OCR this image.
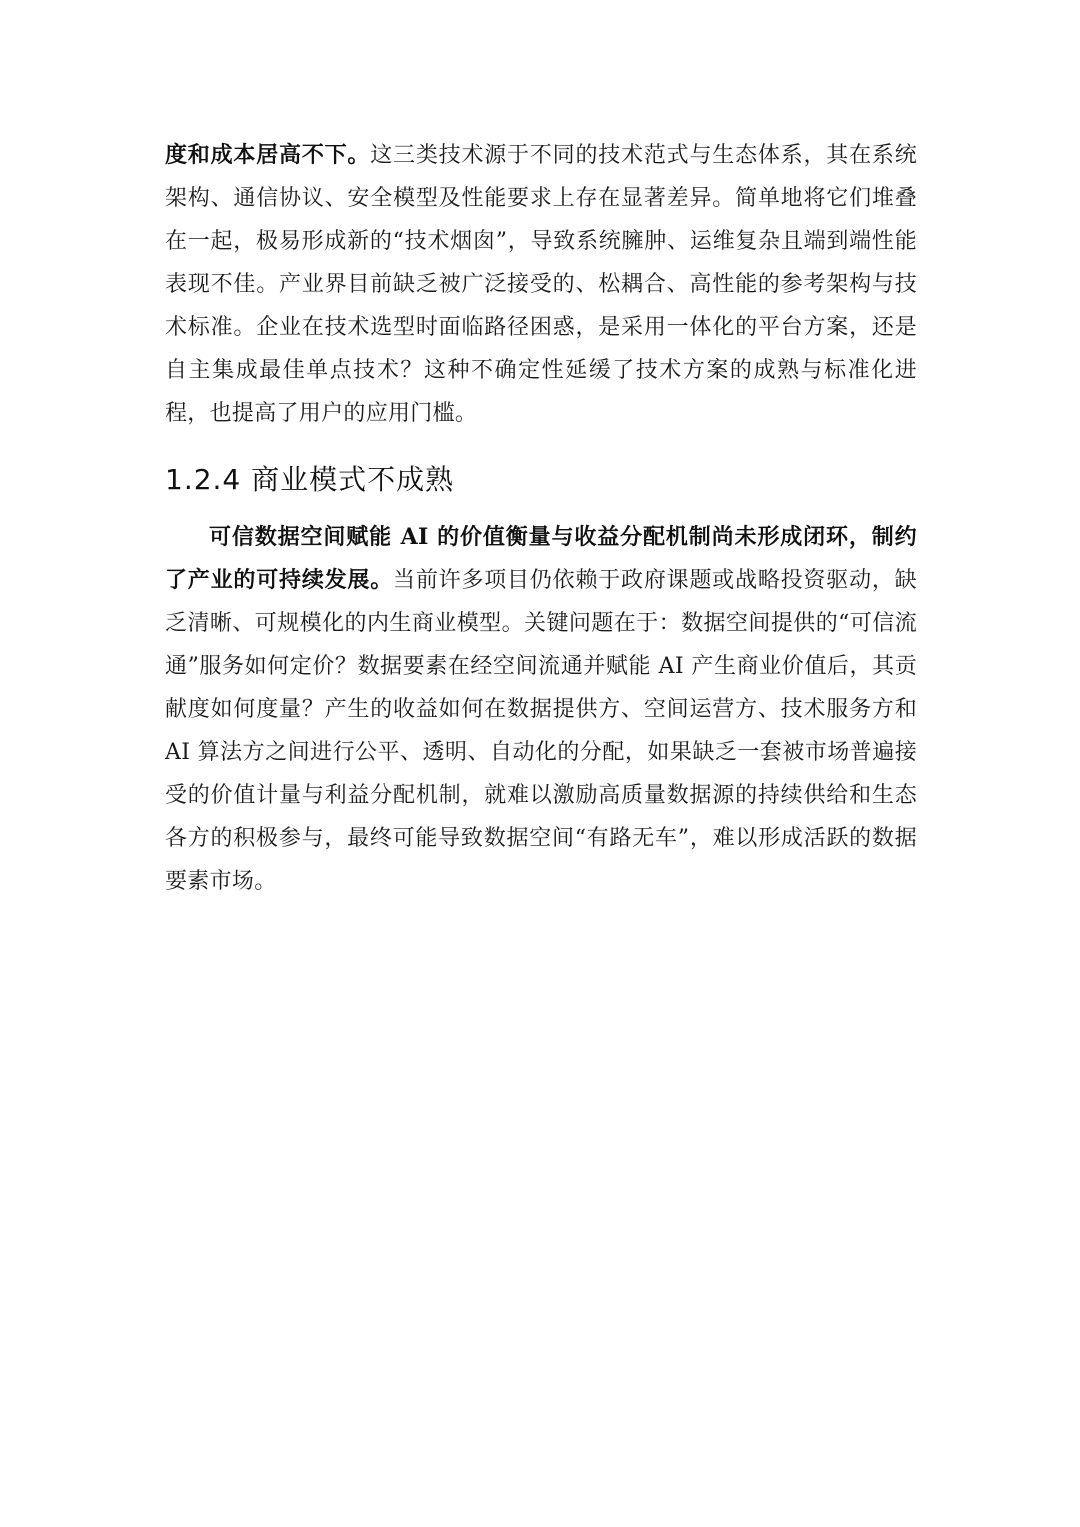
度和成本居高不下。这三类技术源于不同的技术范式与生态体系，其在系统架构、通信协议、安全模型及性能要求上存在显著差异。简单地将它们堆叠在一起，极易形成新的“技术烟囱”，导致系统臃肿、运维复杂且端到端性能表现不佳。产业界目前缺乏被广泛接受的、松耦合、高性能的参考架构与技术标准。企业在技术选型时面临路径困惑，是采用一体化的平台方案，还是自主集成最佳单点技术？这种不确定性延缓了技术方案的成熟与标准化进程，也提高了用户的应用门槛。
1.2.4 商业模式不成熟
可信数据空间赋能 AI 的价值衡量与收益分配机制尚未形成闭环，制约了产业的可持续发展。当前许多项目仍依赖于政府课题或战略投资驱动，缺乏清晰、可规模化的内生商业模型。关键问题在于：数据空间提供的“可信流通”服务如何定价？数据要素在经空间流通并赋能 AI 产生商业价值后，其贡献度如何度量？产生的收益如何在数据提供方、空间运营方、技术服务方和 AI 算法方之间进行公平、透明、自动化的分配，如果缺乏一套被市场普遍接受的价值计量与利益分配机制，就难以激励高质量数据源的持续供给和生态各方的积极参与，最终可能导致数据空间“有路无车”，难以形成活跃的数据要素市场。
